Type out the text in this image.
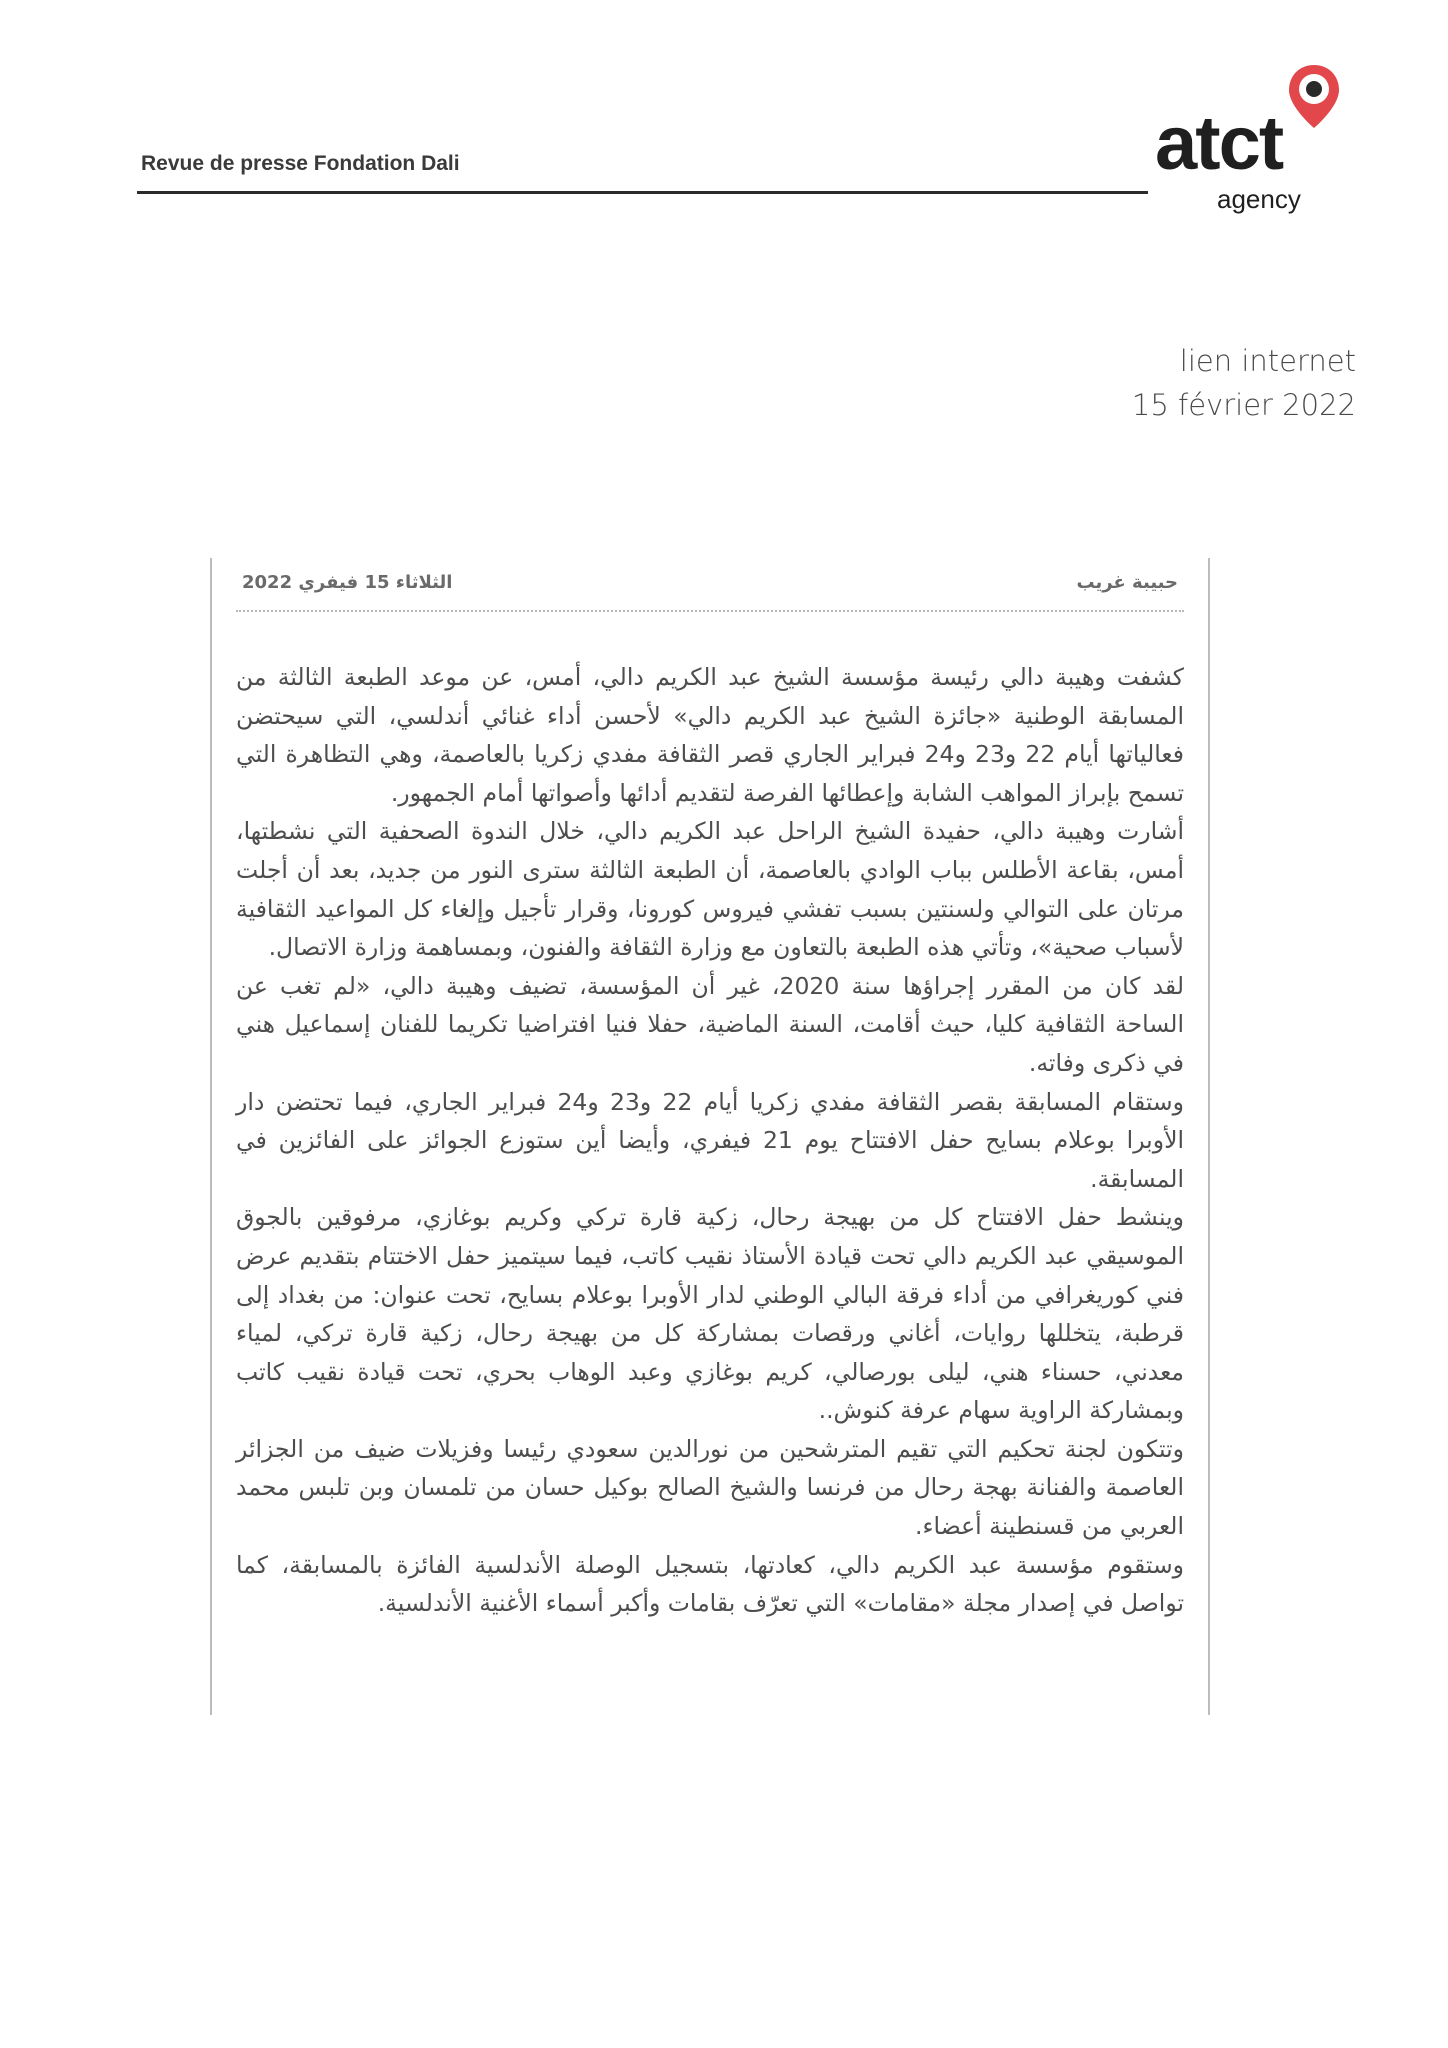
Revue de presse Fondation Dali	atct
agency
lien internet
15 février 2022
الثلاثاء 15 فيفري 2022	حبيبة غريب

كشفت وهيبة دالي رئيسة مؤسسة الشيخ عبد الكريم دالي، أمس، عن موعد الطبعة الثالثة من المسابقة الوطنية «جائزة الشيخ عبد الكريم دالي» لأحسن أداء غنائي أندلسي، التي سيحتضن فعالياتها أيام 22 و23 و24 فبراير الجاري قصر الثقافة مفدي زكريا بالعاصمة، وهي التظاهرة التي تسمح بإبراز المواهب الشابة وإعطائها الفرصة لتقديم أدائها وأصواتها أمام الجمهور.

أشارت وهيبة دالي، حفيدة الشيخ الراحل عبد الكريم دالي، خلال الندوة الصحفية التي نشطتها، أمس، بقاعة الأطلس بباب الوادي بالعاصمة، أن الطبعة الثالثة سترى النور من جديد، بعد أن أجلت مرتان على التوالي ولسنتين بسبب تفشي فيروس كورونا، وقرار تأجيل وإلغاء كل المواعيد الثقافية لأسباب صحية»، وتأتي هذه الطبعة بالتعاون مع وزارة الثقافة والفنون، وبمساهمة وزارة الاتصال.

لقد كان من المقرر إجراؤها سنة 2020، غير أن المؤسسة، تضيف وهيبة دالي، «لم تغب عن الساحة الثقافية كليا، حيث أقامت، السنة الماضية، حفلا فنيا افتراضيا تكريما للفنان إسماعيل هني في ذكرى وفاته.

وستقام المسابقة بقصر الثقافة مفدي زكريا أيام 22 و23 و24 فبراير الجاري، فيما تحتضن دار الأوبرا بوعلام بسايح حفل الافتتاح يوم 21 فيفري، وأيضا أين ستوزع الجوائز على الفائزين في المسابقة.

وينشط حفل الافتتاح كل من بهيجة رحال، زكية قارة تركي وكريم بوغازي، مرفوقين بالجوق الموسيقي عبد الكريم دالي تحت قيادة الأستاذ نقيب كاتب، فيما سيتميز حفل الاختتام بتقديم عرض فني كوريغرافي من أداء فرقة البالي الوطني لدار الأوبرا بوعلام بسايح، تحت عنوان: من بغداد إلى قرطبة، يتخللها روايات، أغاني ورقصات بمشاركة كل من بهيجة رحال، زكية قارة تركي، لمياء معدني، حسناء هني، ليلى بورصالي، كريم بوغازي وعبد الوهاب بحري، تحت قيادة نقيب كاتب وبمشاركة الراوية سهام عرفة كنوش..

وتتكون لجنة تحكيم التي تقيم المترشحين من نورالدين سعودي رئيسا وفزيلات ضيف من الجزائر العاصمة والفنانة بهجة رحال من فرنسا والشيخ الصالح بوكيل حسان من تلمسان وبن تلبس محمد العربي من قسنطينة أعضاء.

وستقوم مؤسسة عبد الكريم دالي، كعادتها، بتسجيل الوصلة الأندلسية الفائزة بالمسابقة، كما تواصل في إصدار مجلة «مقامات» التي تعرّف بقامات وأكبر أسماء الأغنية الأندلسية.
